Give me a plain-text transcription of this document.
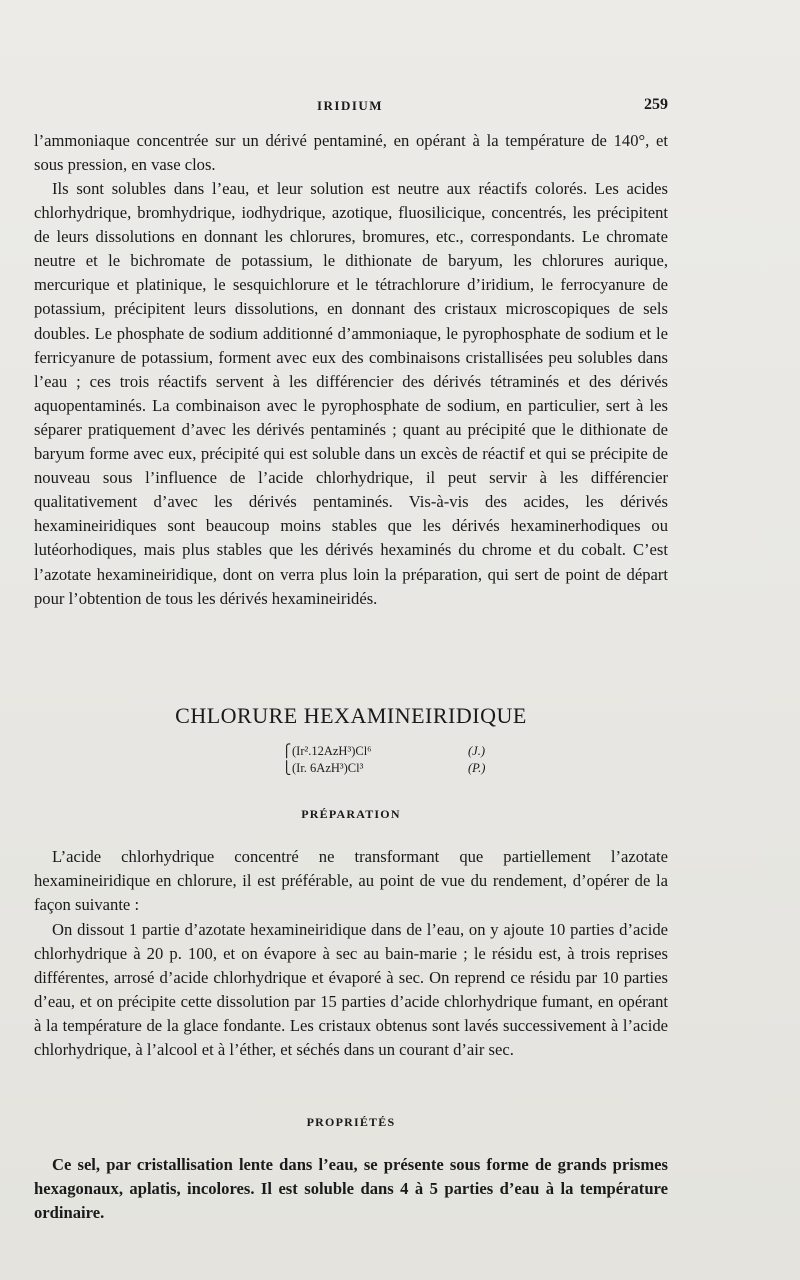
IRIDIUM	259

l’ammoniaque concentrée sur un dérivé pentaminé, en opérant à la température de 140°, et sous pression, en vase clos.

Ils sont solubles dans l’eau, et leur solution est neutre aux réactifs colorés. Les acides chlorhydrique, bromhydrique, iodhydrique, azotique, fluosilicique, concentrés, les précipitent de leurs dissolutions en donnant les chlorures, bromures, etc., correspondants. Le chromate neutre et le bichromate de potassium, le dithionate de baryum, les chlorures aurique, mercurique et platinique, le sesquichlorure et le tétrachlorure d’iridium, le ferrocyanure de potassium, précipitent leurs dissolutions, en donnant des cristaux microscopiques de sels doubles. Le phosphate de sodium additionné d’ammoniaque, le pyrophosphate de sodium et le ferricyanure de potassium, forment avec eux des combinaisons cristallisées peu solubles dans l’eau ; ces trois réactifs servent à les différencier des dérivés tétraminés et des dérivés aquopentaminés. La combinaison avec le pyrophosphate de sodium, en particulier, sert à les séparer pratiquement d’avec les dérivés pentaminés ; quant au précipité que le dithionate de baryum forme avec eux, précipité qui est soluble dans un excès de réactif et qui se précipite de nouveau sous l’influence de l’acide chlorhydrique, il peut servir à les différencier qualitativement d’avec les dérivés pentaminés. Vis-à-vis des acides, les dérivés hexamineiridiques sont beaucoup moins stables que les dérivés hexaminerhodiques ou lutéorhodiques, mais plus stables que les dérivés hexaminés du chrome et du cobalt. C’est l’azotate hexamineiridique, dont on verra plus loin la préparation, qui sert de point de départ pour l’obtention de tous les dérivés hexamineiridés.

CHLORURE HEXAMINEIRIDIQUE
⎧ (Ir².12AzH³)Cl⁶	(J.)
⎩ (Ir. 6AzH³)Cl³	(P.)
PRÉPARATION

L’acide chlorhydrique concentré ne transformant que partiellement l’azotate hexamineiridique en chlorure, il est préférable, au point de vue du rendement, d’opérer de la façon suivante :

On dissout 1 partie d’azotate hexamineiridique dans de l’eau, on y ajoute 10 parties d’acide chlorhydrique à 20 p. 100, et on évapore à sec au bain-marie ; le résidu est, à trois reprises différentes, arrosé d’acide chlorhydrique et évaporé à sec. On reprend ce résidu par 10 parties d’eau, et on précipite cette dissolution par 15 parties d’acide chlorhydrique fumant, en opérant à la température de la glace fondante. Les cristaux obtenus sont lavés successivement à l’acide chlorhydrique, à l’alcool et à l’éther, et séchés dans un courant d’air sec.

PROPRIÉTÉS

Ce sel, par cristallisation lente dans l’eau, se présente sous forme de grands prismes hexagonaux, aplatis, incolores. Il est soluble dans 4 à 5 parties d’eau à la température ordinaire.
